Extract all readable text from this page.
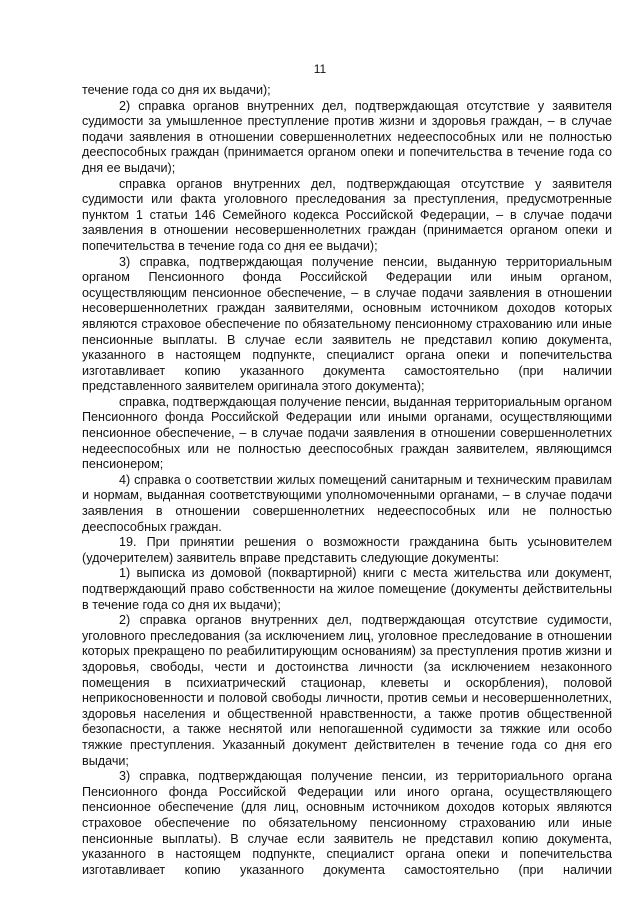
11

течение года со дня их выдачи);

2) справка органов внутренних дел, подтверждающая отсутствие у заявителя судимости за умышленное преступление против жизни и здоровья граждан, – в случае подачи заявления в отношении совершеннолетних недееспособных или не полностью дееспособных граждан (принимается органом опеки и попечительства в течение года со дня ее выдачи);

справка органов внутренних дел, подтверждающая отсутствие у заявителя судимости или факта уголовного преследования за преступления, предусмотренные пунктом 1 статьи 146 Семейного кодекса Российской Федерации, – в случае подачи заявления в отношении несовершеннолетних граждан (принимается органом опеки и попечительства в течение года со дня ее выдачи);

3) справка, подтверждающая получение пенсии, выданную территориальным органом Пенсионного фонда Российской Федерации или иным органом, осуществляющим пенсионное обеспечение, – в случае подачи заявления в отношении несовершеннолетних граждан заявителями, основным источником доходов которых являются страховое обеспечение по обязательному пенсионному страхованию или иные пенсионные выплаты. В случае если заявитель не представил копию документа, указанного в настоящем подпункте, специалист органа опеки и попечительства изготавливает копию указанного документа самостоятельно (при наличии представленного заявителем оригинала этого документа);

справка, подтверждающая получение пенсии, выданная территориальным органом Пенсионного фонда Российской Федерации или иными органами, осуществляющими пенсионное обеспечение, – в случае подачи заявления в отношении совершеннолетних недееспособных или не полностью дееспособных граждан заявителем, являющимся пенсионером;

4) справка о соответствии жилых помещений санитарным и техническим правилам и нормам, выданная соответствующими уполномоченными органами, – в случае подачи заявления в отношении совершеннолетних недееспособных или не полностью дееспособных граждан.

19. При принятии решения о возможности гражданина быть усыновителем (удочерителем) заявитель вправе представить следующие документы:

1) выписка из домовой (поквартирной) книги с места жительства или документ, подтверждающий право собственности на жилое помещение (документы действительны в течение года со дня их выдачи);

2) справка органов внутренних дел, подтверждающая отсутствие судимости, уголовного преследования (за исключением лиц, уголовное преследование в отношении которых прекращено по реабилитирующим основаниям) за преступления против жизни и здоровья, свободы, чести и достоинства личности (за исключением незаконного помещения в психиатрический стационар, клеветы и оскорбления), половой неприкосновенности и половой свободы личности, против семьи и несовершеннолетних, здоровья населения и общественной нравственности, а также против общественной безопасности, а также неснятой или непогашенной судимости за тяжкие или особо тяжкие преступления. Указанный документ действителен в течение года со дня его выдачи;

3) справка, подтверждающая получение пенсии, из территориального органа Пенсионного фонда Российской Федерации или иного органа, осуществляющего пенсионное обеспечение (для лиц, основным источником доходов которых являются страховое обеспечение по обязательному пенсионному страхованию или иные пенсионные выплаты). В случае если заявитель не представил копию документа, указанного в настоящем подпункте, специалист органа опеки и попечительства изготавливает копию указанного документа самостоятельно (при наличии
